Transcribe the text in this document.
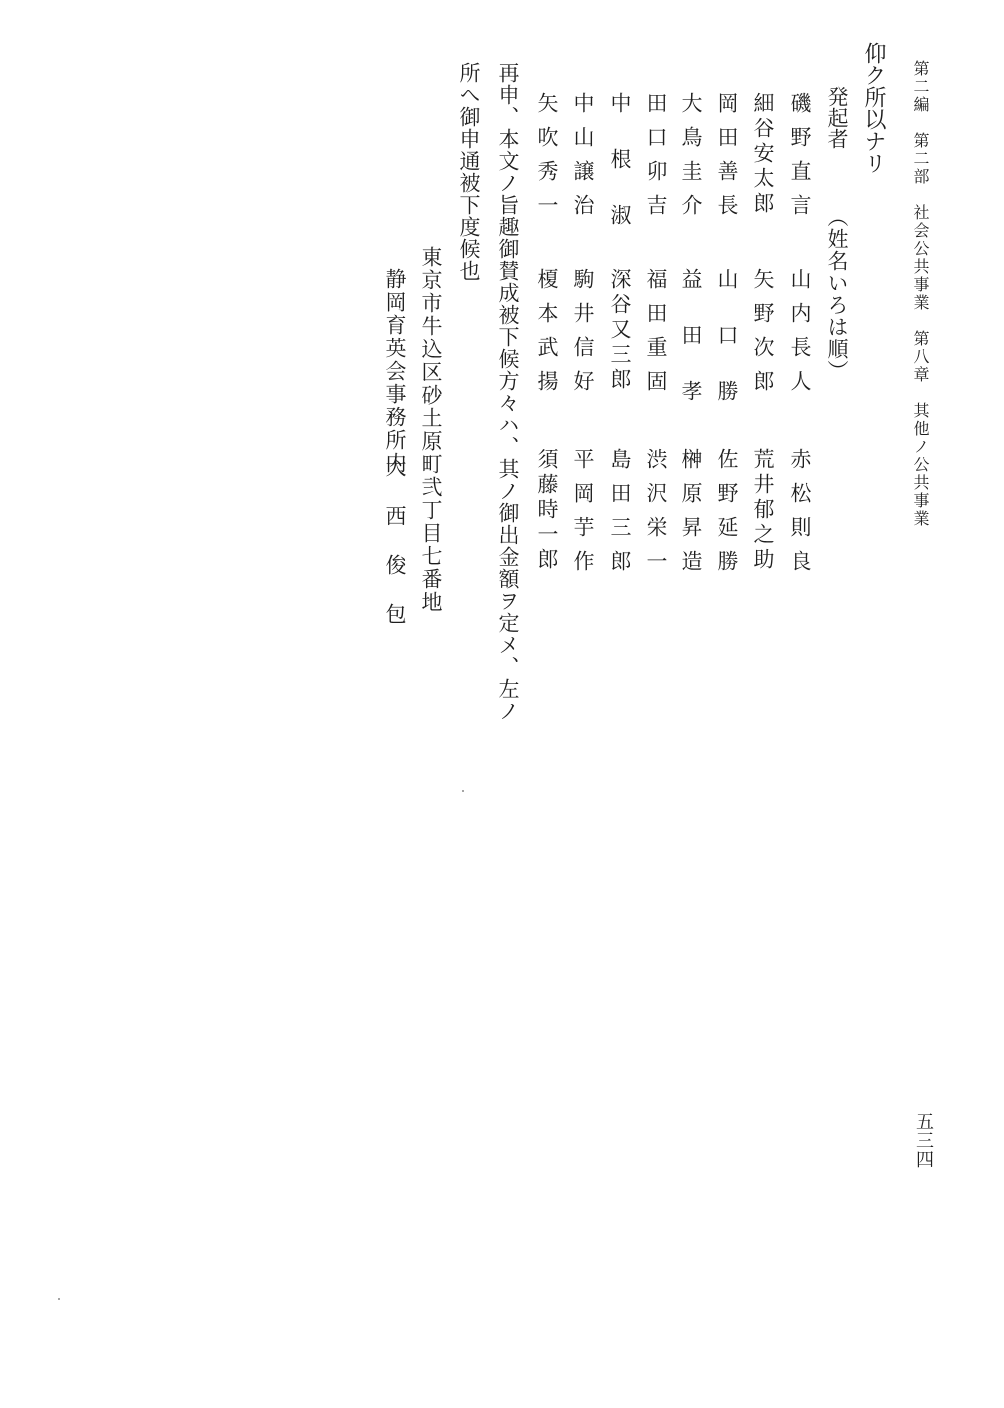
第二編　第二部　社会公共事業　第八章　其他ノ公共事業
五三四
仰ク所以ナリ
発起者
（姓名いろは順）
磯野直言
山内長人
赤松則良
細谷安太郎
矢野次郎
荒井郁之助
岡田善長
山口勝
佐野延勝
大鳥圭介
益田孝
榊原昇造
田口卯吉
福田重固
渋沢栄一
中根淑
深谷又三郎
島田三郎
中山譲治
駒井信好
平岡芋作
矢吹秀一
榎本武揚
須藤時一郎
再申、本文ノ旨趣御賛成被下候方々ハ、其ノ御出金額ヲ定メ、左ノ
所へ御申通被下度候也
東京市牛込区砂土原町弐丁目七番地
静岡育英会事務所内
大西俊包
